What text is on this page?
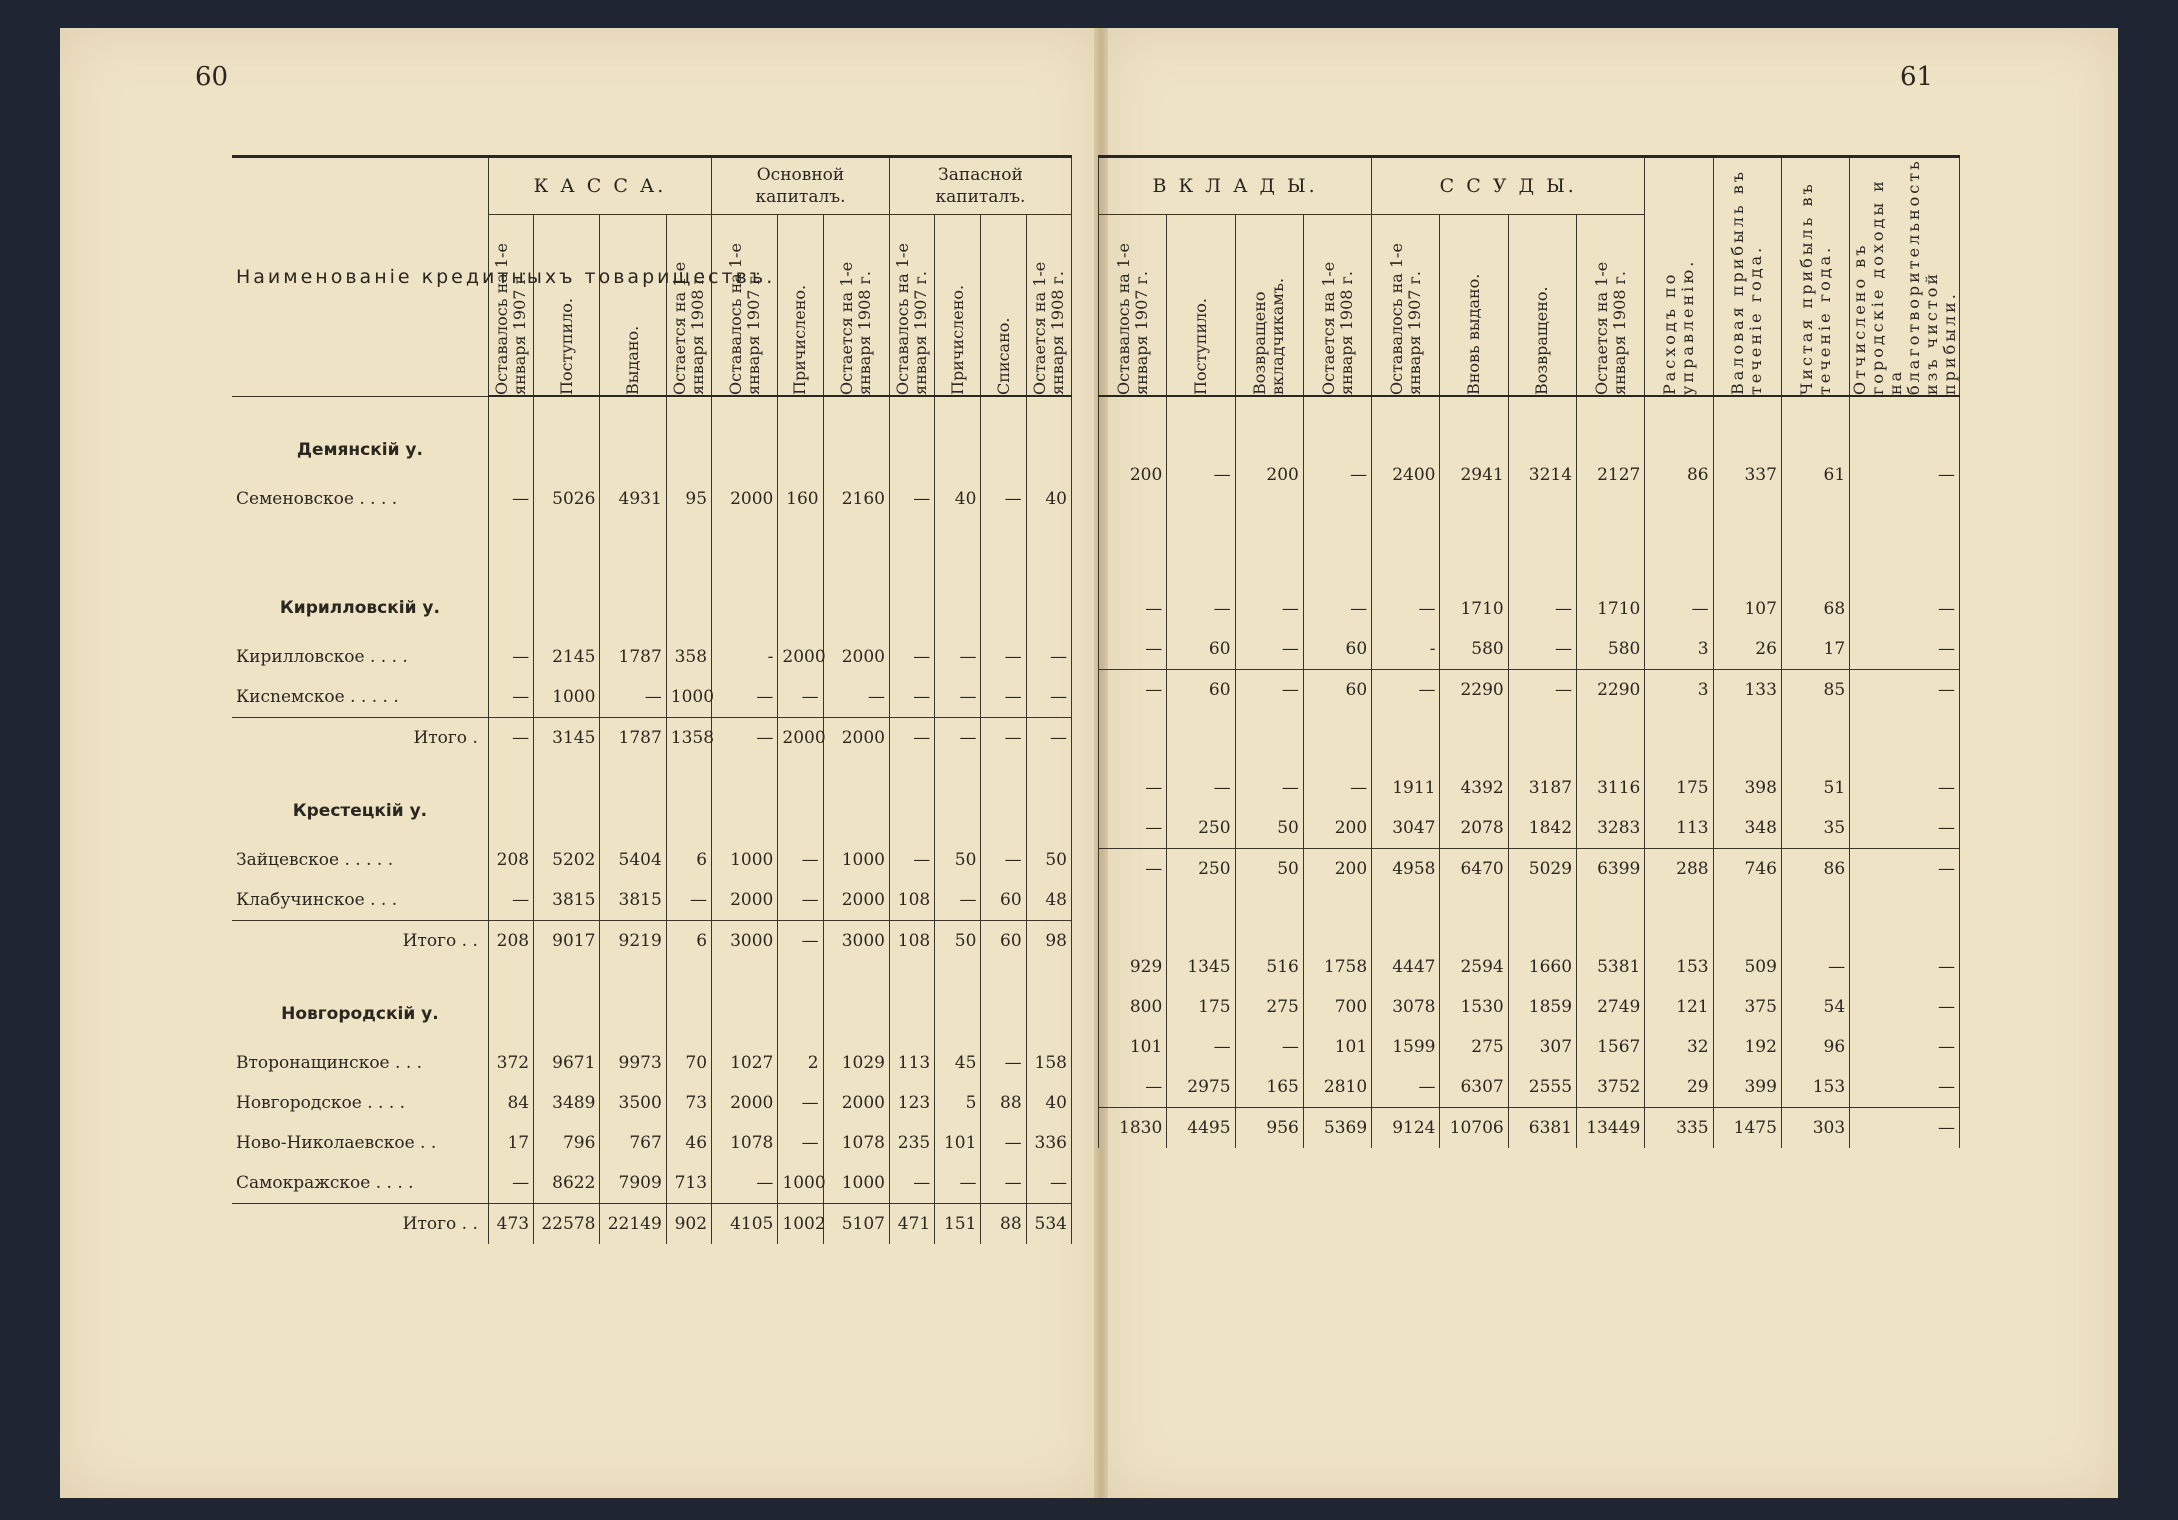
60	61
Наименованіе кредитныхъ товариществъ.	К А С С А.				Основной капиталъ.			Запасной капиталъ.			

	Оставалось на 1-е января 1907 г.	Поступило.	Выдано.	Остается на 1-е января 1908 г.	Оставалось на 1-е января 1907 г.	Причислено.	Остается на 1-е января 1908 г.	Оставалось на 1-е января 1907 г.	Причислено.	Списано.	Остается на 1-е января 1908 г.

Демянскій у.											
Семеновское . . . .	—	5026	4931	95	2000	160	2160	—	40	—	40

Кирилловскій у.											
Кирилловское . . . .	—	2145	1787	358	-	2000	2000	—	—	—	—
Кисnемское . . . . .	—	1000	—	1000	—	—	—	—	—	—	—
Итого .	—	3145	1787	1358	—	2000	2000	—	—	—	—
Крестецкій у.											
Зайцевское . . . . .	208	5202	5404	6	1000	—	1000	—	50	—	50
Клабучинское . . .	—	3815	3815	—	2000	—	2000	108	—	60	48
Итого . .	208	9017	9219	6	3000	—	3000	108	50	60	98
Новгородскій у.											
Второнащинское . . .	372	9671	9973	70	1027	2	1029	113	45	—	158
Новгородское . . . .	84	3489	3500	73	2000	—	2000	123	5	88	40
Ново-Николаевское . .	17	796	767	46	1078	—	1078	235	101	—	336
Самокражское . . . .	—	8622	7909	713	—	1000	1000	—	—	—	—
Итого . .	473	22578	22149	902	4105	1002	5107	471	151	88	534
В К Л А Д Ы.				С С У Д Ы.				Расходъ по управленію.	Валовая прибыль въ теченіе года.	Чистая прибыль въ теченіе года.	Отчислено въ городскіе доходы и на благотворительность изъ чистой прибыли.

Оставалось на 1-е января 1907 г.	Поступило.	Возвращено вкладчикамъ.	Остается на 1-е января 1908 г.	Оставалось на 1-е января 1907 г.	Вновь выдано.	Возвращено.	Остается на 1-е января 1908 г.				

200	—	200	—	2400	2941	3214	2127	86	337	61	—

—	—	—	—	—	1710	—	1710	—	107	68	—
—	60	—	60	-	580	—	580	3	26	17	—
—	60	—	60	—	2290	—	2290	3	133	85	—

—	—	—	—	1911	4392	3187	3116	175	398	51	—
—	250	50	200	3047	2078	1842	3283	113	348	35	—
—	250	50	200	4958	6470	5029	6399	288	746	86	—

929	1345	516	1758	4447	2594	1660	5381	153	509	—	—
800	175	275	700	3078	1530	1859	2749	121	375	54	—
101	—	—	101	1599	275	307	1567	32	192	96	—
—	2975	165	2810	—	6307	2555	3752	29	399	153	—
1830	4495	956	5369	9124	10706	6381	13449	335	1475	303	—
